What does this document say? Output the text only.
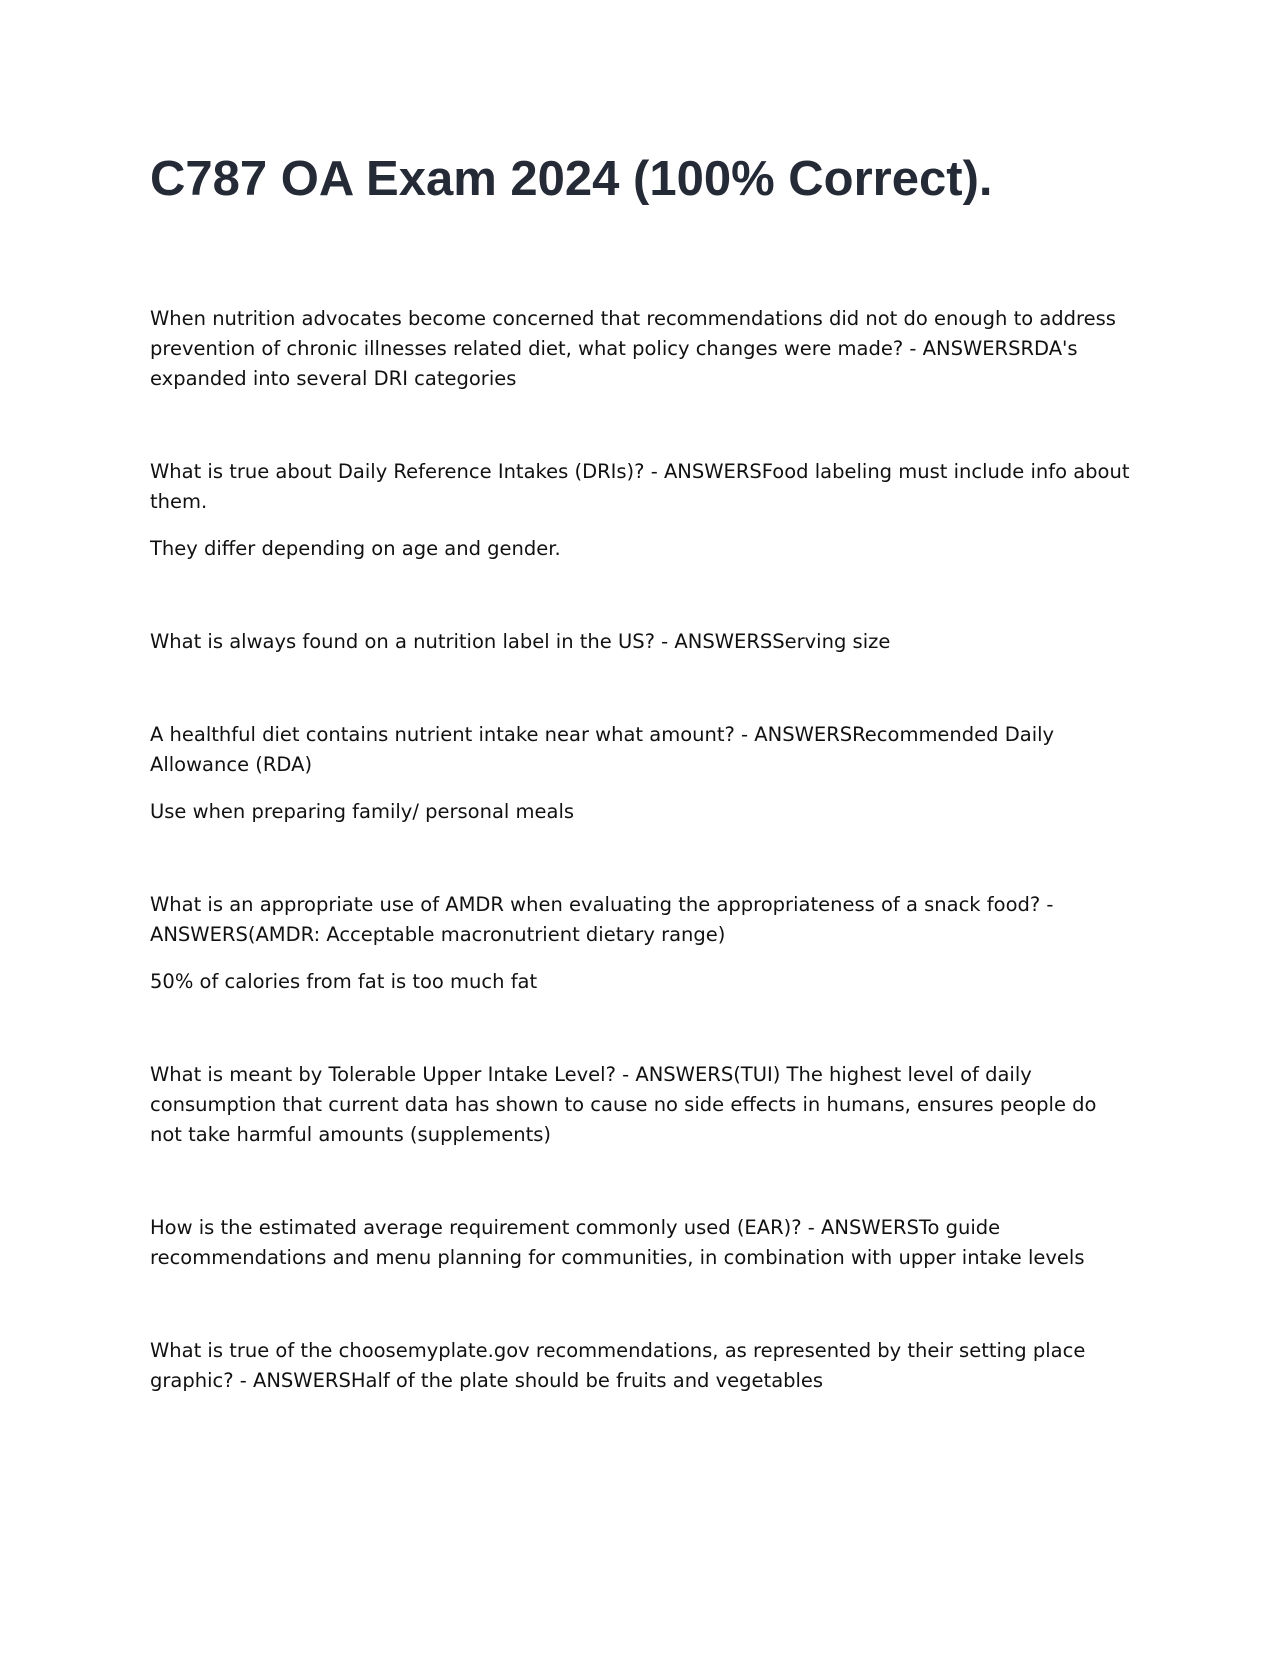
C787 OA Exam 2024 (100% Correct).

When nutrition advocates become concerned that recommendations did not do enough to address prevention of chronic illnesses related diet, what policy changes were made? - ANSWERSRDA's expanded into several DRI categories

What is true about Daily Reference Intakes (DRIs)? - ANSWERSFood labeling must include info about them.

They differ depending on age and gender.

What is always found on a nutrition label in the US? - ANSWERSServing size

A healthful diet contains nutrient intake near what amount? - ANSWERSRecommended Daily Allowance (RDA)

Use when preparing family/ personal meals

What is an appropriate use of AMDR when evaluating the appropriateness of a snack food? - ANSWERS(AMDR: Acceptable macronutrient dietary range)

50% of calories from fat is too much fat

What is meant by Tolerable Upper Intake Level? - ANSWERS(TUI) The highest level of daily consumption that current data has shown to cause no side effects in humans, ensures people do not take harmful amounts (supplements)

How is the estimated average requirement commonly used (EAR)? - ANSWERSTo guide recommendations and menu planning for communities, in combination with upper intake levels

What is true of the choosemyplate.gov recommendations, as represented by their setting place graphic? - ANSWERSHalf of the plate should be fruits and vegetables
